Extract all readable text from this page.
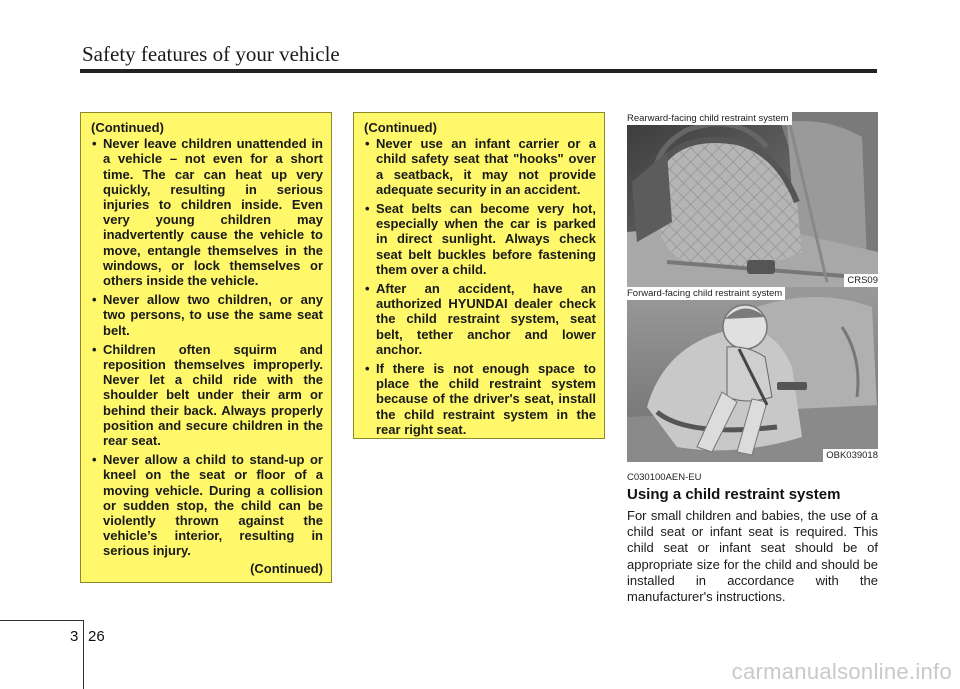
Safety features of your vehicle
(Continued)
• Never leave children unattended in a vehicle – not even for a short time. The car can heat up very quickly, resulting in serious injuries to children inside. Even very young children may inadvertently cause the vehicle to move, entangle themselves in the windows, or lock themselves or others inside the vehicle.
• Never allow two children, or any two persons, to use the same seat belt.
• Children often squirm and reposition themselves improperly. Never let a child ride with the shoulder belt under their arm or behind their back. Always properly position and secure children in the rear seat.
• Never allow a child to stand-up or kneel on the seat or floor of a moving vehicle. During a collision or sudden stop, the child can be violently thrown against the vehicle’s interior, resulting in serious injury.
(Continued)
(Continued)
• Never use an infant carrier or a child safety seat that "hooks" over a seatback, it may not provide adequate security in an accident.
• Seat belts can become very hot, especially when the car is parked in direct sunlight. Always check seat belt buckles before fastening them over a child.
• After an accident, have an authorized HYUNDAI dealer check the child restraint system, seat belt, tether anchor and lower anchor.
• If there is not enough space to place the child restraint system because of the driver's seat, install the child restraint system in the rear right seat.
Rearward-facing child restraint system
CRS09
Forward-facing child restraint system
OBK039018
C030100AEN-EU
Using a child restraint system
For small children and babies, the use of a child seat or infant seat is required. This child seat or infant seat should be of appropriate size for the child and should be installed in accordance with the manufacturer's instructions.
3 26
carmanualsonline.info
